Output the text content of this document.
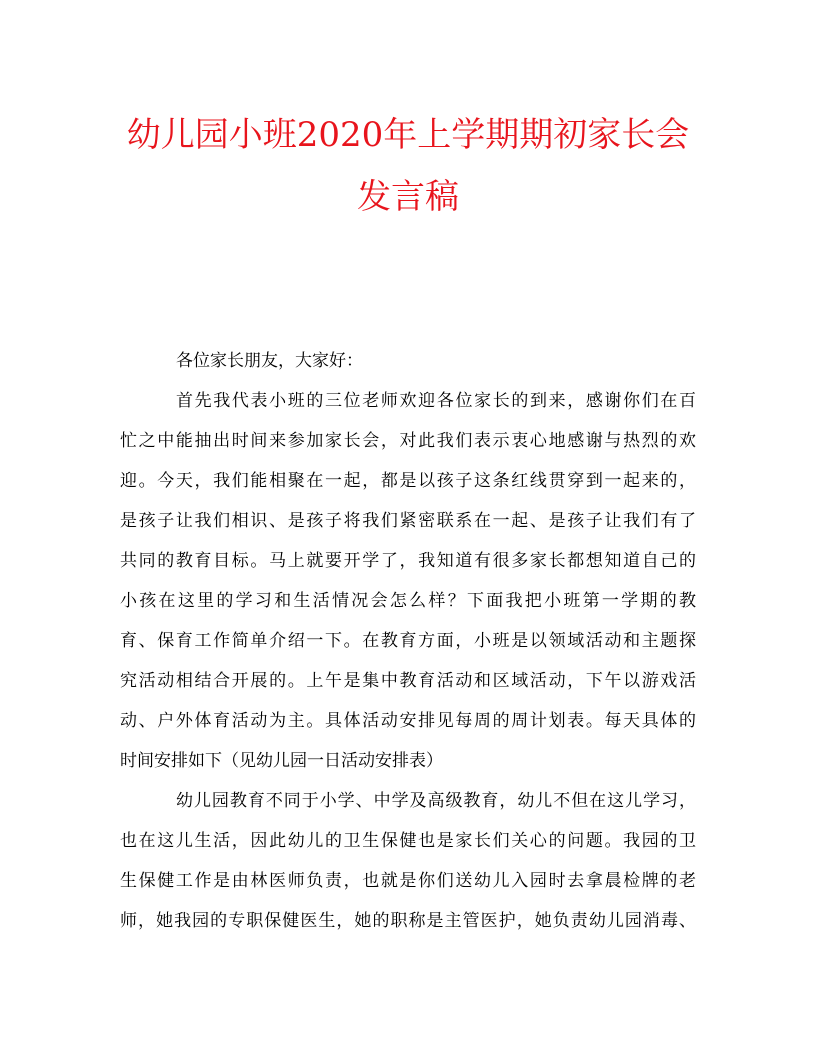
幼儿园小班2020年上学期期初家长会
发言稿
各位家长朋友，大家好：
首先我代表小班的三位老师欢迎各位家长的到来，感谢你们在百
忙之中能抽出时间来参加家长会，对此我们表示衷心地感谢与热烈的欢
迎。今天，我们能相聚在一起，都是以孩子这条红线贯穿到一起来的，
是孩子让我们相识、是孩子将我们紧密联系在一起、是孩子让我们有了
共同的教育目标。马上就要开学了，我知道有很多家长都想知道自己的
小孩在这里的学习和生活情况会怎么样？下面我把小班第一学期的教
育、保育工作简单介绍一下。在教育方面，小班是以领域活动和主题探
究活动相结合开展的。上午是集中教育活动和区域活动，下午以游戏活
动、户外体育活动为主。具体活动安排见每周的周计划表。每天具体的
时间安排如下（见幼儿园一日活动安排表）
幼儿园教育不同于小学、中学及高级教育，幼儿不但在这儿学习，
也在这儿生活，因此幼儿的卫生保健也是家长们关心的问题。我园的卫
生保健工作是由林医师负责，也就是你们送幼儿入园时去拿晨检牌的老
师，她我园的专职保健医生，她的职称是主管医护，她负责幼儿园消毒、
